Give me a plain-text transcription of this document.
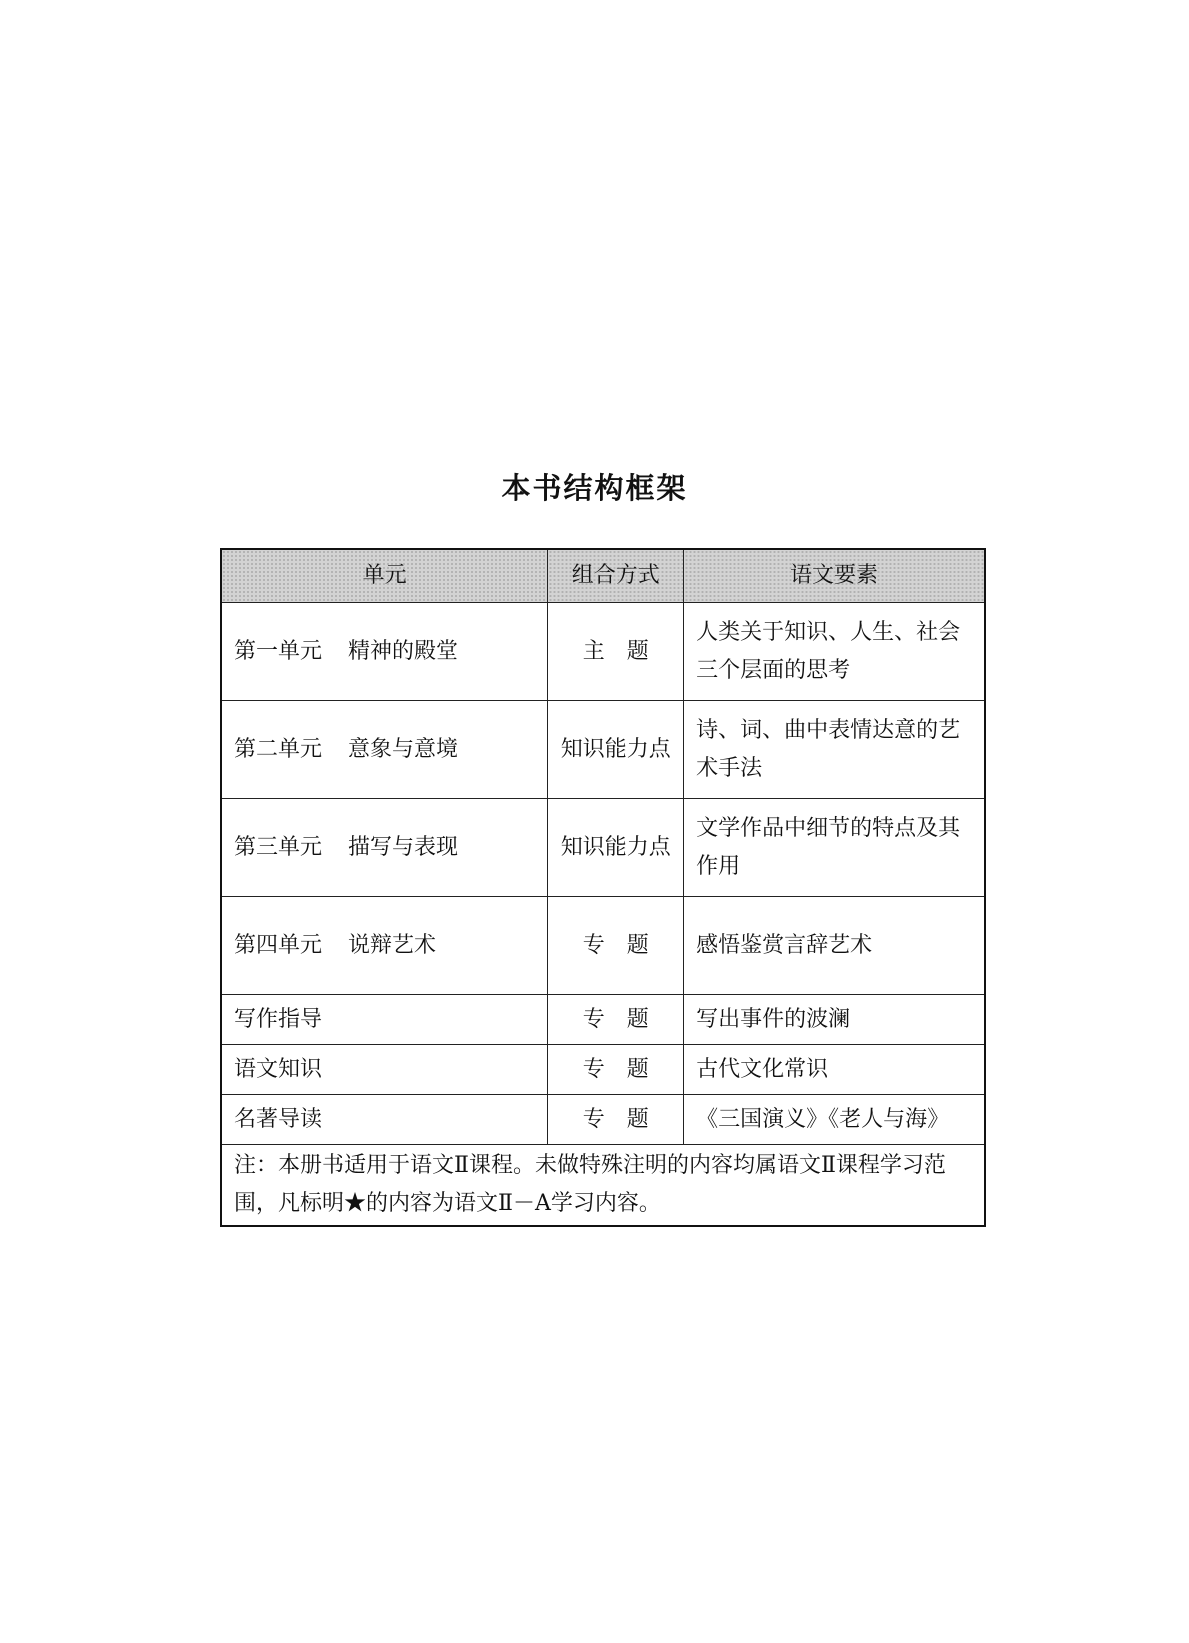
本书结构框架
单元	组合方式	语文要素
第一单元 精神的殿堂	主　题	人类关于知识、人生、社会三个层面的思考
第二单元 意象与意境	知识能力点	诗、词、曲中表情达意的艺术手法
第三单元 描写与表现	知识能力点	文学作品中细节的特点及其作用
第四单元 说辩艺术	专　题	感悟鉴赏言辞艺术
写作指导	专　题	写出事件的波澜
语文知识	专　题	古代文化常识
名著导读	专　题	《三国演义》《老人与海》
注：本册书适用于语文Ⅱ课程。未做特殊注明的内容均属语文Ⅱ课程学习范围，凡标明★的内容为语文Ⅱ－A学习内容。		
